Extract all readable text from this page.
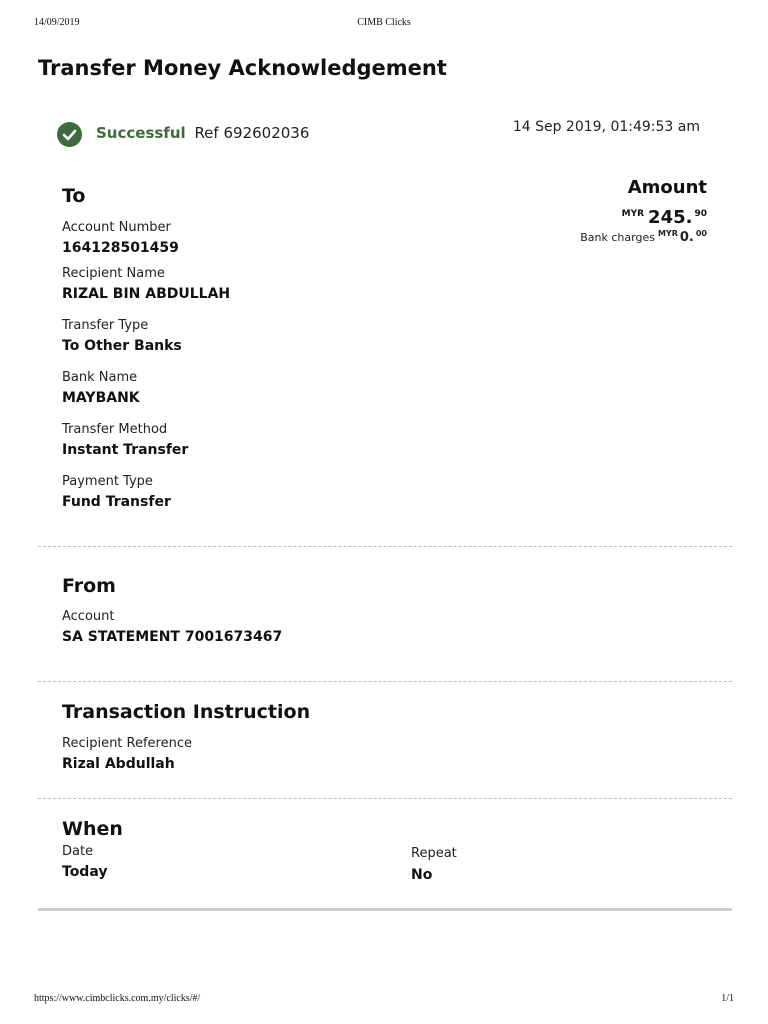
14/09/2019	CIMB Clicks
Transfer Money Acknowledgement
Successful Ref 692602036	14 Sep 2019, 01:49:53 am
To
Account Number
164128501459
Recipient Name
RIZAL BIN ABDULLAH
Transfer Type
To Other Banks
Bank Name
MAYBANK
Transfer Method
Instant Transfer
Payment Type
Fund Transfer
Amount
$^{MYR}$ 245. $^{90}$
Bank charges $^{MYR}$ 0. $^{00}$
From
Account
SA STATEMENT 7001673467
Transaction Instruction
Recipient Reference
Rizal Abdullah
When
Date
Today
Repeat
No
https://www.cimbclicks.com.my/clicks/#/	1/1
